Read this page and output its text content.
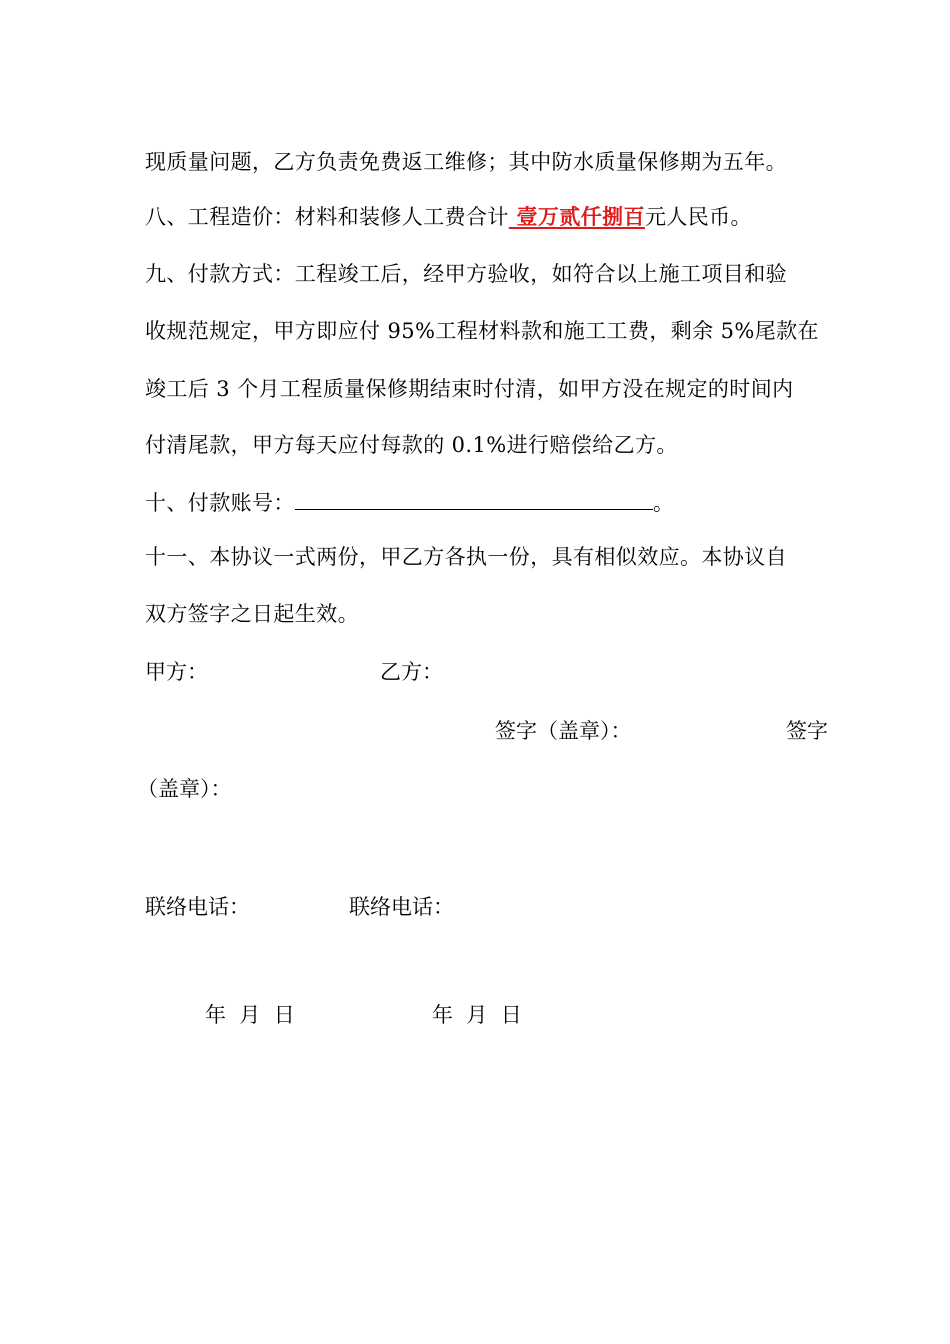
现质量问题，乙方负责免费返工维修；其中防水质量保修期为五年。
八、工程造价：材料和装修人工费合计 壹万贰仟捌百元人民币。
九、付款方式：工程竣工后，经甲方验收，如符合以上施工项目和验
收规范规定，甲方即应付 95%工程材料款和施工工费，剩余 5%尾款在
竣工后 3 个月工程质量保修期结束时付清，如甲方没在规定的时间内
付清尾款，甲方每天应付每款的 0.1%进行赔偿给乙方。
十、付款账号：	。
十一、本协议一式两份，甲乙方各执一份，具有相似效应。本协议自
双方签字之日起生效。
甲方：	乙方：
签字（盖章）：	签字
（盖章）：
联络电话：	联络电话：
年  月  日	年  月  日
